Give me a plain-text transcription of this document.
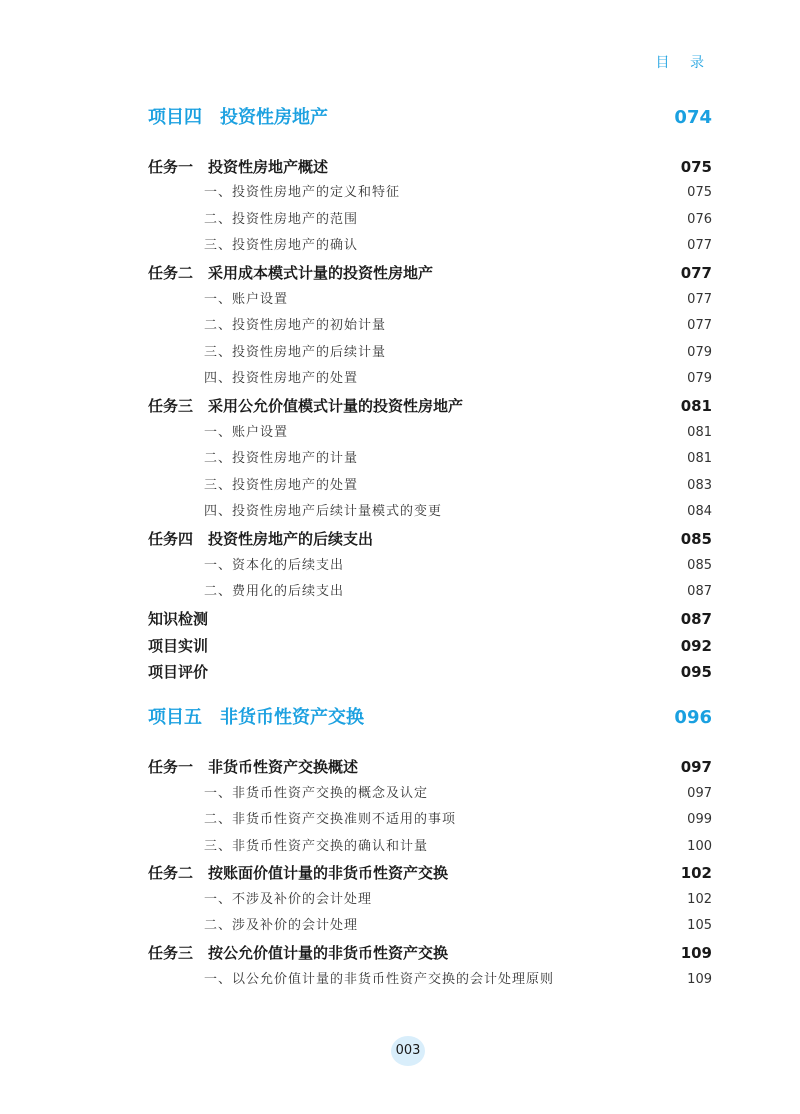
目 录
项目四　投资性房地产	074
任务一　投资性房地产概述	075
一、投资性房地产的定义和特征	075
二、投资性房地产的范围	076
三、投资性房地产的确认	077
任务二　采用成本模式计量的投资性房地产	077
一、账户设置	077
二、投资性房地产的初始计量	077
三、投资性房地产的后续计量	079
四、投资性房地产的处置	079
任务三　采用公允价值模式计量的投资性房地产	081
一、账户设置	081
二、投资性房地产的计量	081
三、投资性房地产的处置	083
四、投资性房地产后续计量模式的变更	084
任务四　投资性房地产的后续支出	085
一、资本化的后续支出	085
二、费用化的后续支出	087
知识检测	087
项目实训	092
项目评价	095
项目五　非货币性资产交换	096
任务一　非货币性资产交换概述	097
一、非货币性资产交换的概念及认定	097
二、非货币性资产交换准则不适用的事项	099
三、非货币性资产交换的确认和计量	100
任务二　按账面价值计量的非货币性资产交换	102
一、不涉及补价的会计处理	102
二、涉及补价的会计处理	105
任务三　按公允价值计量的非货币性资产交换	109
一、以公允价值计量的非货币性资产交换的会计处理原则	109
003
